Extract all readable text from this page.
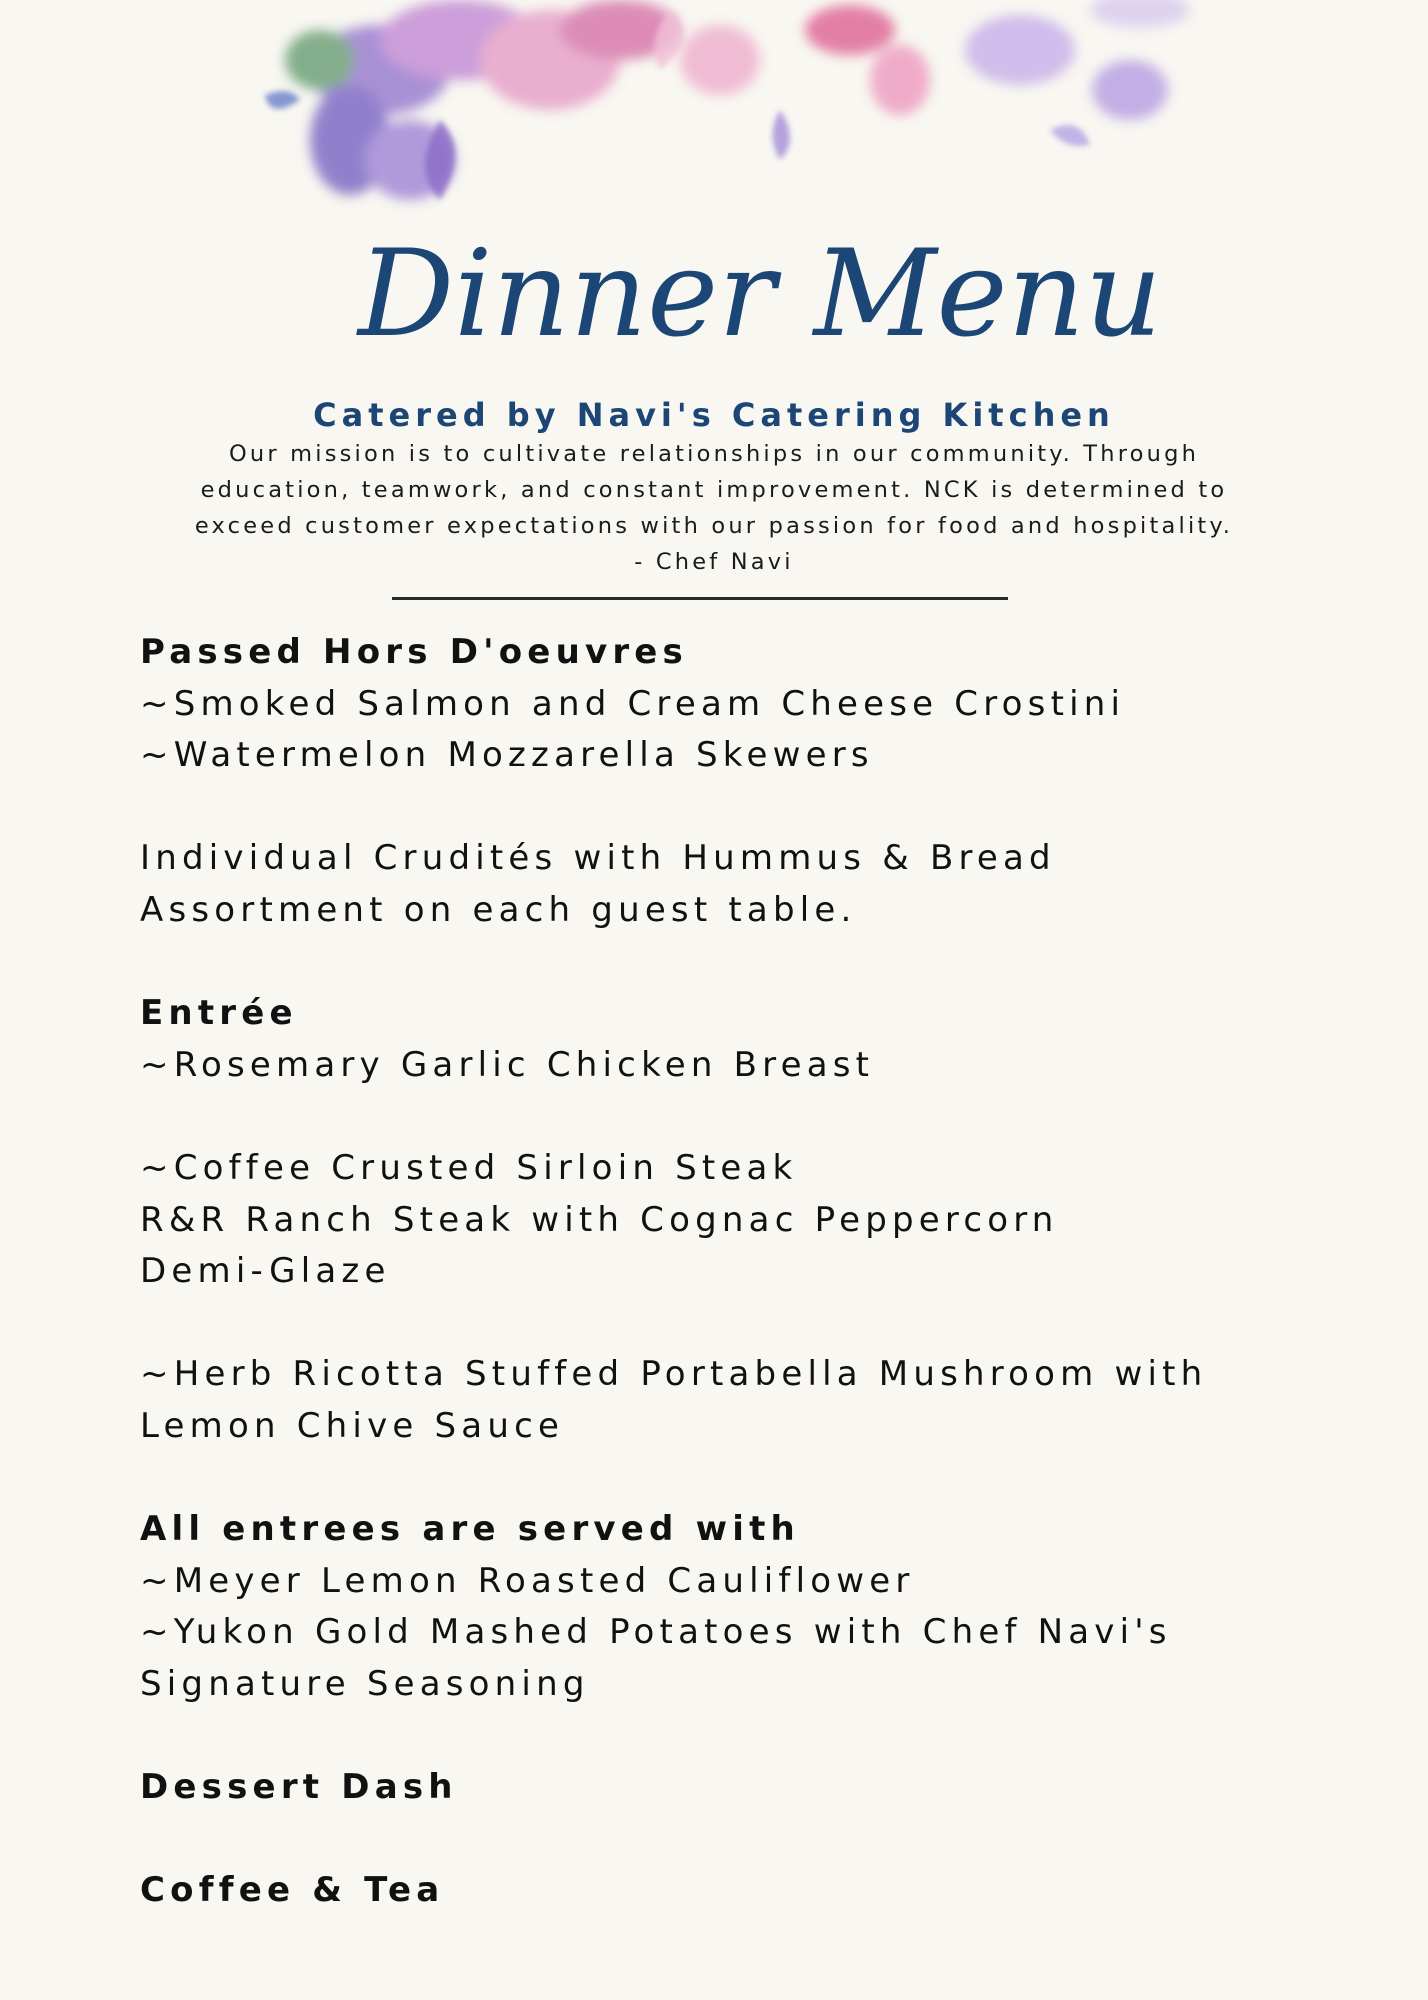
Dinner Menu
Catered by Navi's Catering Kitchen
Our mission is to cultivate relationships in our community. Through
education, teamwork, and constant improvement. NCK is determined to
exceed customer expectations with our passion for food and hospitality.
- Chef Navi
Passed Hors D'oeuvres
~Smoked Salmon and Cream Cheese Crostini
~Watermelon Mozzarella Skewers
Individual Crudités with Hummus & Bread
Assortment on each guest table.
Entrée
~Rosemary Garlic Chicken Breast
~Coffee Crusted Sirloin Steak
R&R Ranch Steak with Cognac Peppercorn
Demi-Glaze
~Herb Ricotta Stuffed Portabella Mushroom with
Lemon Chive Sauce
All entrees are served with
~Meyer Lemon Roasted Cauliflower
~Yukon Gold Mashed Potatoes with Chef Navi's
Signature Seasoning
Dessert Dash
Coffee & Tea
